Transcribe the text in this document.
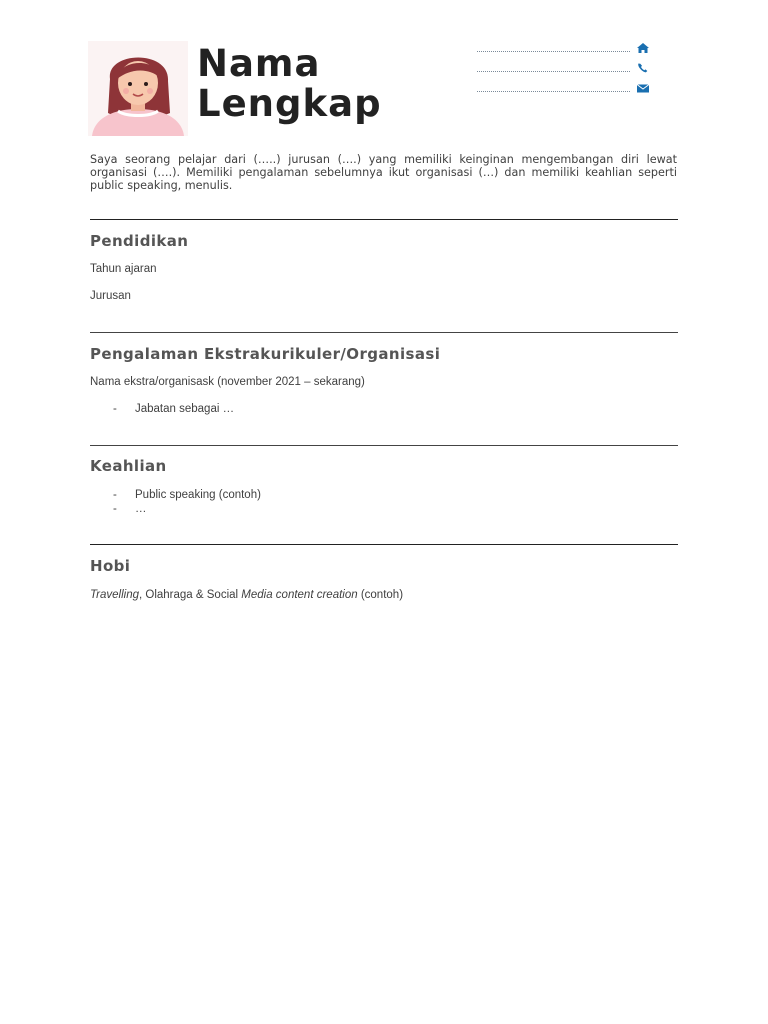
Nama
Lengkap
Saya seorang pelajar dari (…..) jurusan (….) yang memiliki keinginan mengembangan diri lewat organisasi (….). Memiliki pengalaman sebelumnya ikut organisasi (…) dan memiliki keahlian seperti public speaking, menulis.
Pendidikan
Tahun ajaran
Jurusan
Pengalaman Ekstrakurikuler/Organisasi
Nama ekstra/organisask (november 2021 – sekarang)
- Jabatan sebagai …
Keahlian
- Public speaking (contoh)
- …
Hobi
Travelling, Olahraga & Social Media content creation (contoh)
